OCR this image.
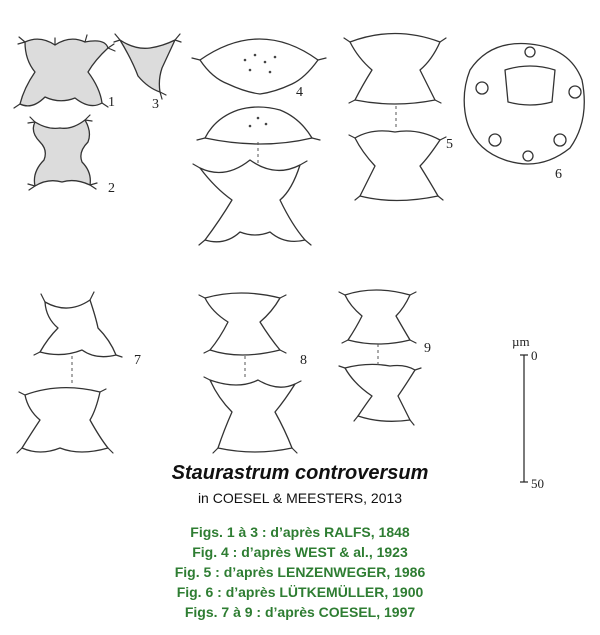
1
2
3
4
5
6
7	8
9	µm
0
50
Staurastrum controversum
in COESEL & MEESTERS, 2013
Figs. 1 à 3 : d’après RALFS, 1848
Fig. 4 : d’après WEST & al., 1923
Fig. 5 : d’après LENZENWEGER, 1986
Fig. 6 : d’après LÜTKEMÜLLER, 1900
Figs. 7 à 9 : d’après COESEL, 1997
